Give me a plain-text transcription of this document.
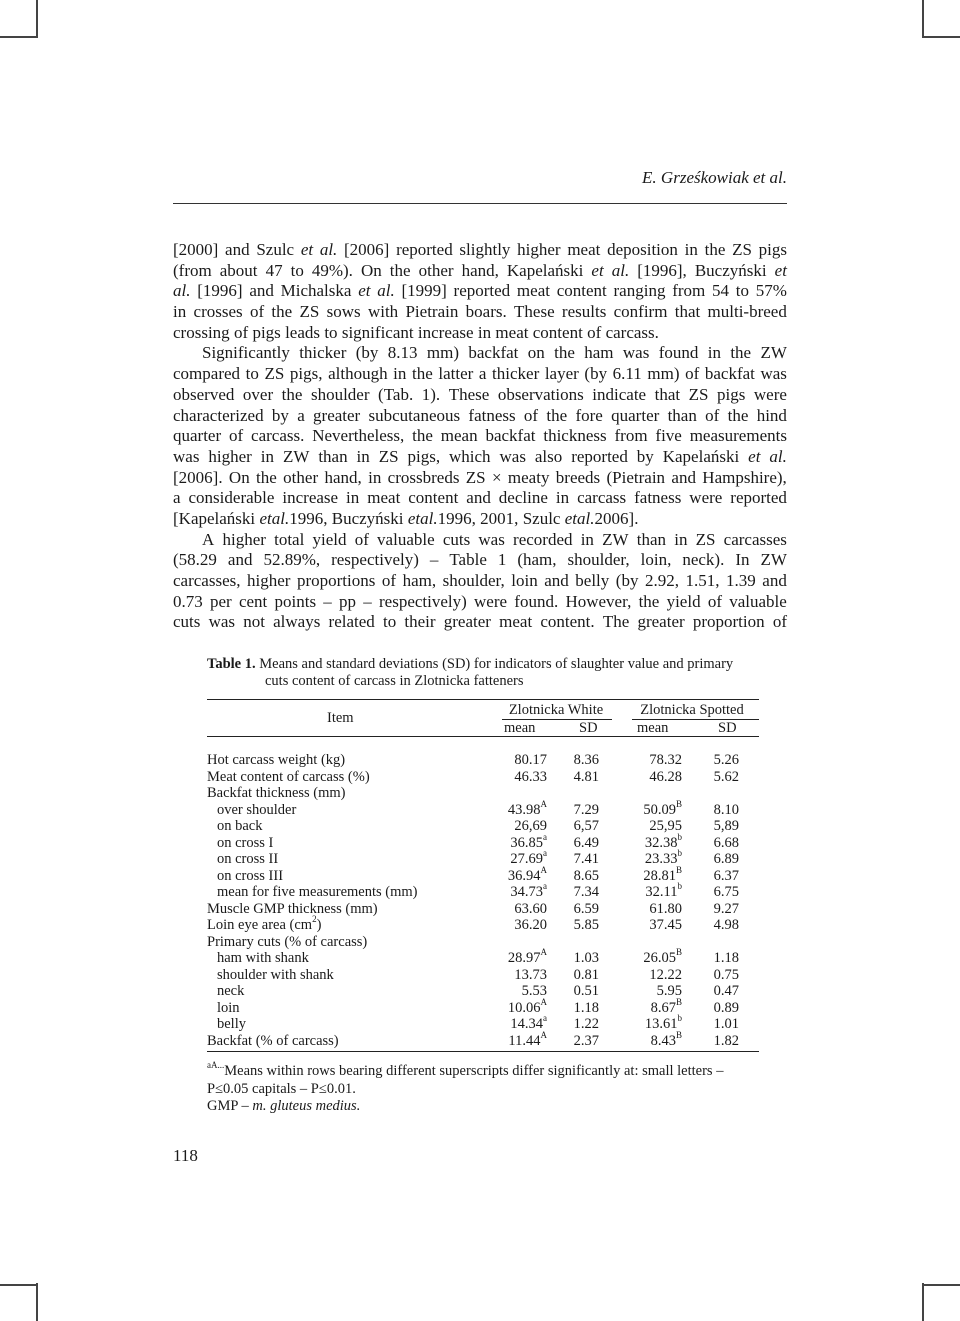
E. Grześkowiak et al.
[2000] and Szulc et al. [2006] reported slightly higher meat deposition in the ZS pigs
(from about 47 to 49%). On the other hand, Kapelański et al. [1996], Buczyński et
al. [1996] and Michalska et al. [1999] reported meat content ranging from 54 to 57%
in crosses of the ZS sows with Pietrain boars. These results confirm that multi-breed
crossing of pigs leads to significant increase in meat content of carcass.
Significantly thicker (by 8.13 mm) backfat on the ham was found in the ZW
compared to ZS pigs, although in the latter a thicker layer (by 6.11 mm) of backfat was
observed over the shoulder (Tab. 1). These observations indicate that ZS pigs were
characterized by a greater subcutaneous fatness of the fore quarter than of the hind
quarter of carcass. Nevertheless, the mean backfat thickness from five measurements
was higher in ZW than in ZS pigs, which was also reported by Kapelański et al.
[2006]. On the other hand, in crossbreds ZS × meaty breeds (Pietrain and Hampshire),
a considerable increase in meat content and decline in carcass fatness were reported
[Kapelański et al. 1996, Buczyński et al. 1996, 2001, Szulc et al. 2006].
A higher total yield of valuable cuts was recorded in ZW than in ZS carcasses
(58.29 and 52.89%, respectively) – Table 1 (ham, shoulder, loin, neck). In ZW
carcasses, higher proportions of ham, shoulder, loin and belly (by 2.92, 1.51, 1.39 and
0.73 per cent points – pp – respectively) were found. However, the yield of valuable
cuts was not always related to their greater meat content. The greater proportion of
Table 1. Means and standard deviations (SD) for indicators of slaughter value and primary
cuts content of carcass in Zlotnicka fatteners
Item	Zlotnicka White	Zlotnicka Spotted
mean	SD	mean	SD
Hot carcass weight (kg)	80.17	8.36	78.32	5.26
Meat content of carcass (%)	46.33	4.81	46.28	5.62
Backfat thickness (mm)
over shoulder	$43.98^A$	7.29	$50.09^B$	8.10
on back	26,69	6,57	25,95	5,89
on cross I	36.85$^a$	6.49	32.38$^b$	6.68
on cross II	27.69$^a$	7.41	23.33$^b$	6.89
on cross III	$36.94^A$	8.65	$28.81^B$	6.37
mean for five measurements (mm)	34.73$^a$	7.34	32.11$^b$	6.75
Muscle GMP thickness (mm)	63.60	6.59	61.80	9.27
Loin eye area $(cm^2)$	36.20	5.85	37.45	4.98
Primary cuts (% of carcass)
ham with shank	$28.97^A$	1.03	$26.05^B$	1.18
shoulder with shank	13.73	0.81	12.22	0.75
neck	5.53	0.51	5.95	0.47
loin	$10.06^A$	1.18	$8.67^B$	0.89
belly	14.34$^a$	1.22	13.61$^b$	1.01
Backfat (% of carcass)	$11.44^A$	2.37	$8.43^B$	1.82
$^{aA...}$Means within rows bearing different superscripts differ significantly at: small letters –
P≤0.05 capitals – P≤0.01.
GMP – m. gluteus medius.
118
